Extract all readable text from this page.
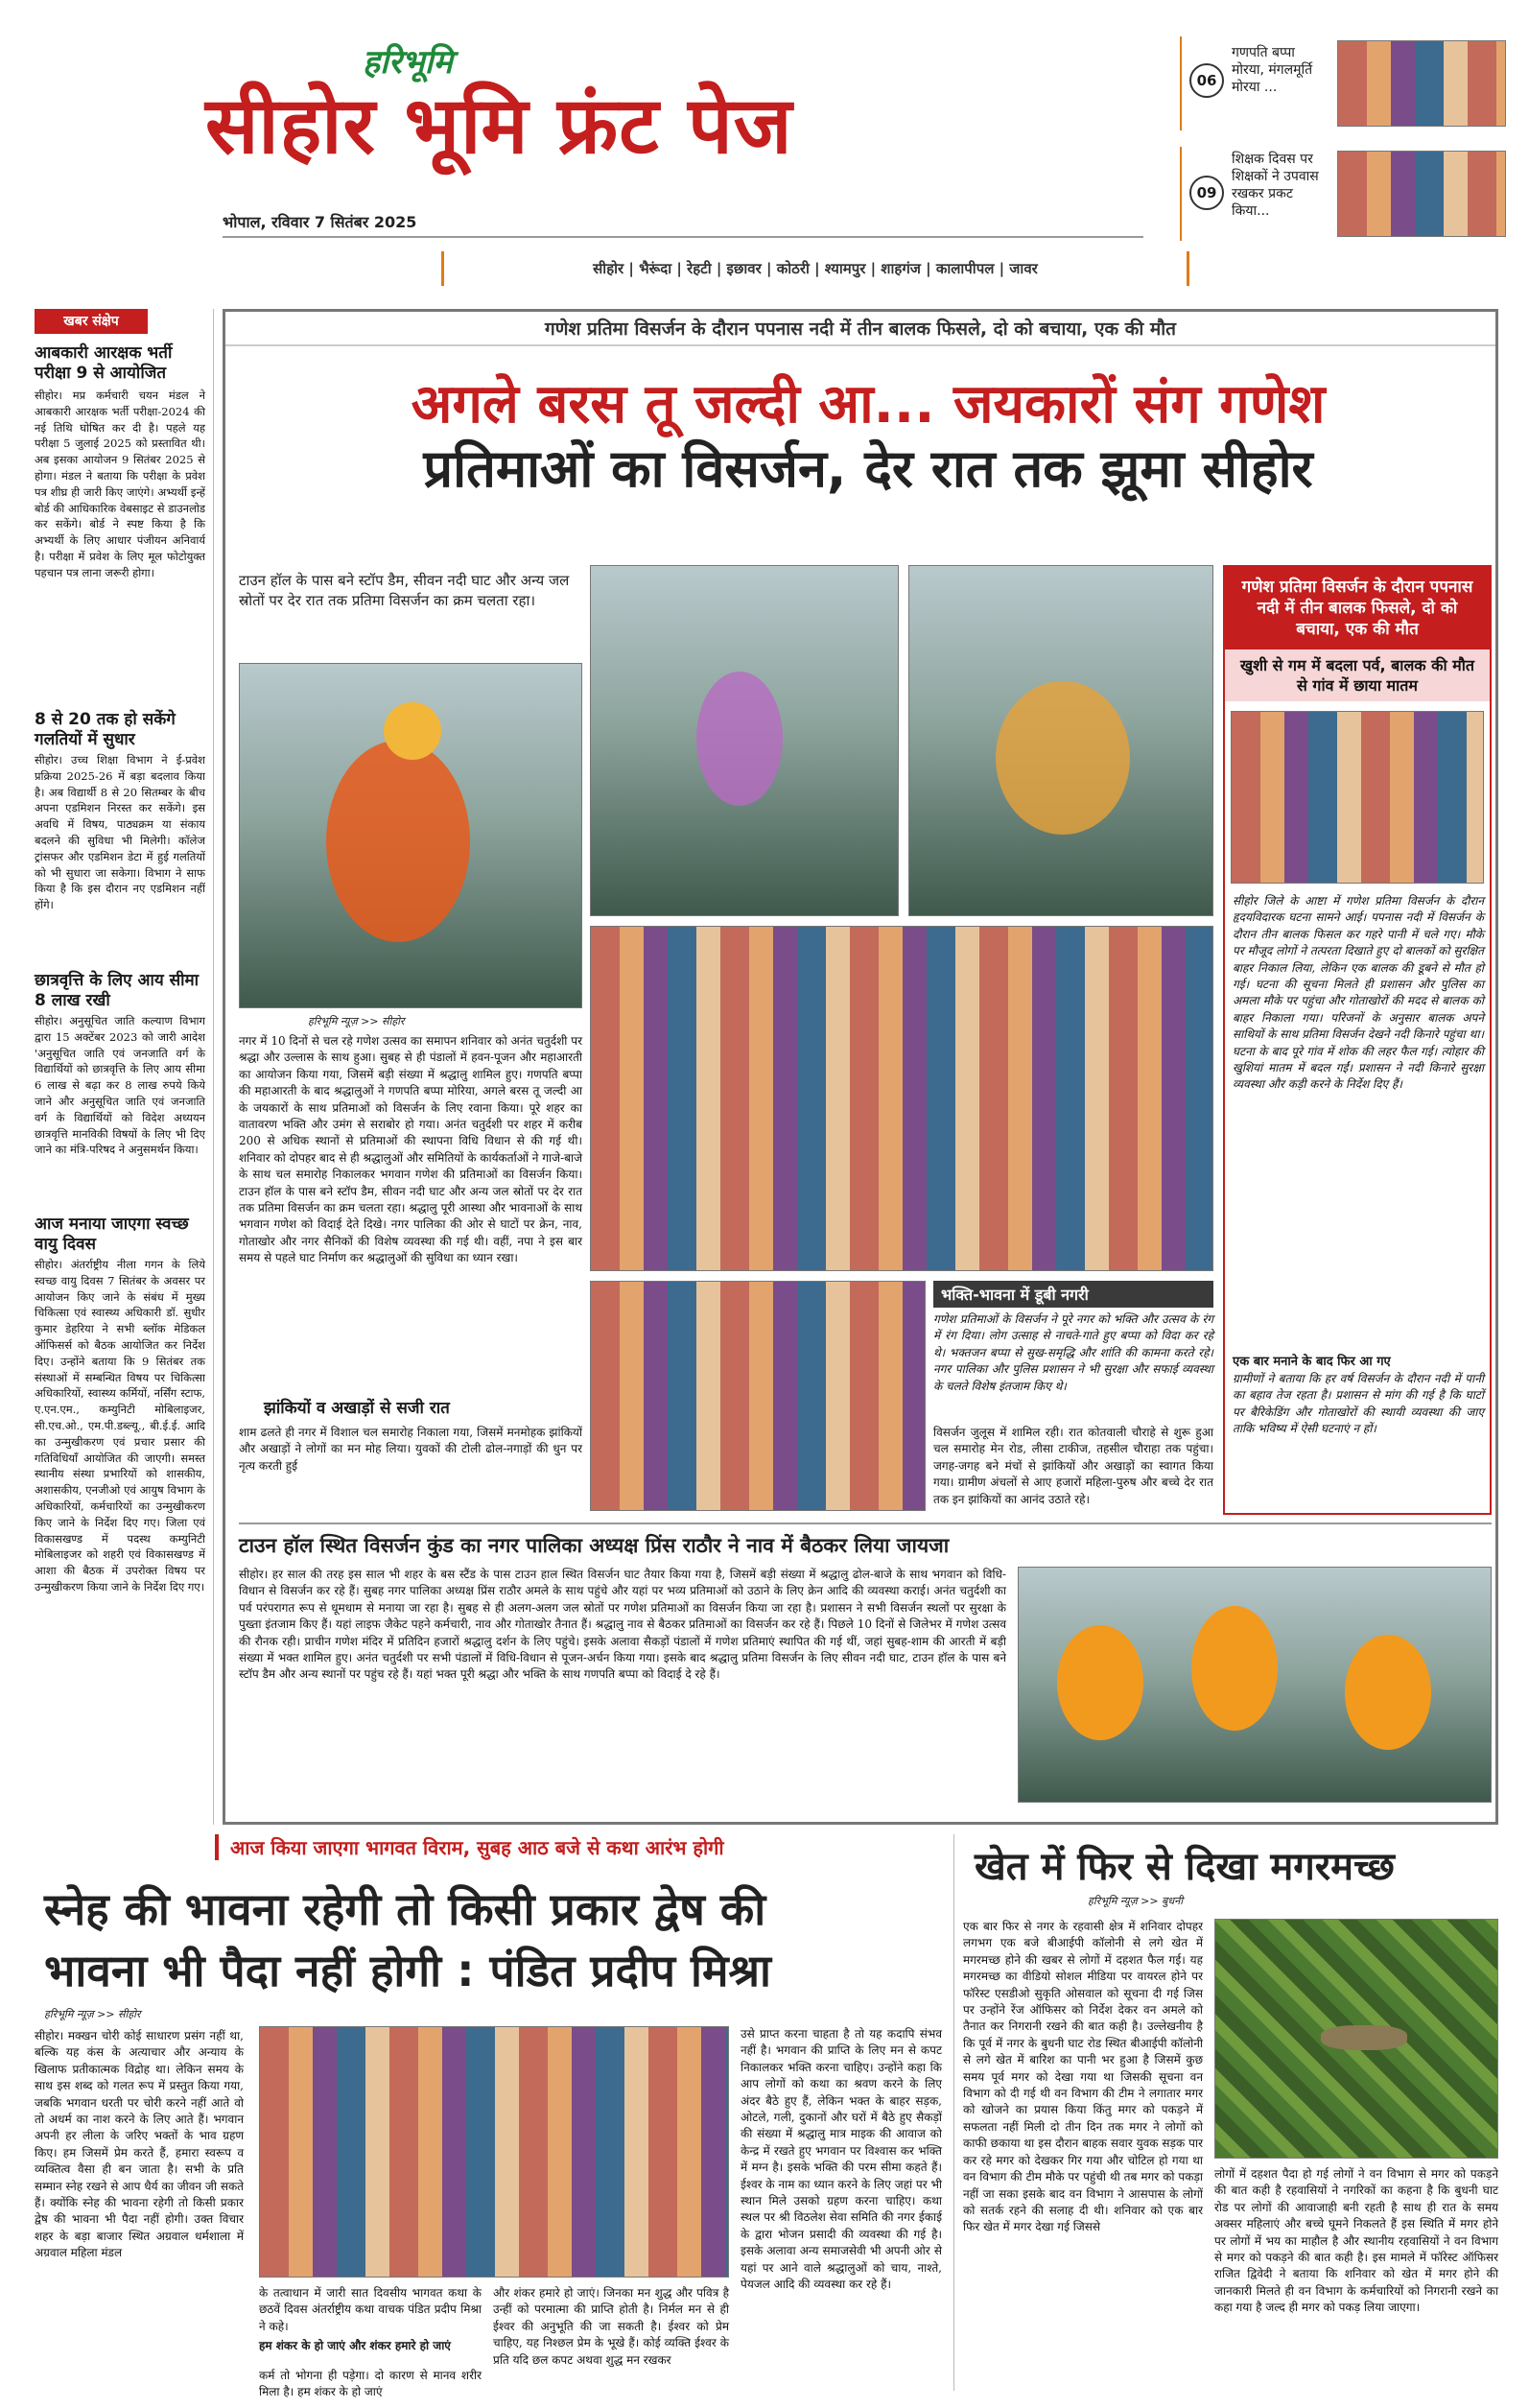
हरिभूमि
सीहोर भूमि फ्रंट पेज
भोपाल, रविवार 7 सितंबर 2025
सीहोर | भैरूंदा | रेहटी | इछावर | कोठरी | श्यामपुर | शाहगंज | कालापीपल | जावर
06
गणपति बप्पा मोरया, मंगलमूर्ति मोरया ...
09
शिक्षक दिवस पर शिक्षकों ने उपवास रखकर प्रकट किया...
खबर संक्षेप
आबकारी आरक्षक भर्ती परीक्षा 9 से आयोजित
सीहोर। मप्र कर्मचारी चयन मंडल ने आबकारी आरक्षक भर्ती परीक्षा-2024 की नई तिथि घोषित कर दी है। पहले यह परीक्षा 5 जुलाई 2025 को प्रस्तावित थी। अब इसका आयोजन 9 सितंबर 2025 से होगा। मंडल ने बताया कि परीक्षा के प्रवेश पत्र शीघ्र ही जारी किए जाएंगे। अभ्यर्थी इन्हें बोर्ड की आधिकारिक वेबसाइट से डाउनलोड कर सकेंगे। बोर्ड ने स्पष्ट किया है कि अभ्यर्थी के लिए आधार पंजीयन अनिवार्य है। परीक्षा में प्रवेश के लिए मूल फोटोयुक्त पहचान पत्र लाना जरूरी होगा।
8 से 20 तक हो सकेंगे गलतियों में सुधार
सीहोर। उच्च शिक्षा विभाग ने ई-प्रवेश प्रक्रिया 2025-26 में बड़ा बदलाव किया है। अब विद्यार्थी 8 से 20 सितम्बर के बीच अपना एडमिशन निरस्त कर सकेंगे। इस अवधि में विषय, पाठ्यक्रम या संकाय बदलने की सुविधा भी मिलेगी। कॉलेज ट्रांसफर और एडमिशन डेटा में हुई गलतियों को भी सुधारा जा सकेगा। विभाग ने साफ किया है कि इस दौरान नए एडमिशन नहीं होंगे।
छात्रवृत्ति के लिए आय सीमा 8 लाख रखी
सीहोर। अनुसूचित जाति कल्याण विभाग द्वारा 15 अक्टेंबर 2023 को जारी आदेश 'अनुसूचित जाति एवं जनजाति वर्ग के विद्यार्थियों को छात्रवृत्ति के लिए आय सीमा 6 लाख से बढ़ा कर 8 लाख रुपये किये जाने और अनुसूचित जाति एवं जनजाति वर्ग के विद्यार्थियों को विदेश अध्ययन छात्रवृत्ति मानविकी विषयों के लिए भी दिए जाने का मंत्रि-परिषद ने अनुसमर्थन किया।
आज मनाया जाएगा स्वच्छ वायु दिवस
सीहोर। अंतर्राष्ट्रीय नीला गगन के लिये स्वच्छ वायु दिवस 7 सितंबर के अवसर पर आयोजन किए जाने के संबंध में मुख्य चिकित्सा एवं स्वास्थ्य अधिकारी डॉ. सुधीर कुमार डेहरिया ने सभी ब्लॉक मेडिकल ऑफिसर्स को बैठक आयोजित कर निर्देश दिए। उन्होंने बताया कि 9 सितंबर तक संस्थाओं में सम्बन्धित विषय पर चिकित्सा अधिकारियों, स्वास्थ्य कर्मियों, नर्सिंग स्टाफ, ए.एन.एम., कम्युनिटी मोबिलाइजर, सी.एच.ओ., एम.पी.डब्ल्यू., बी.ई.ई. आदि का उन्मुखीकरण एवं प्रचार प्रसार की गतिविधियाँ आयोजित की जाएगी। समस्त स्थानीय संस्था प्रभारियों को शासकीय, अशासकीय, एनजीओ एवं आयुष विभाग के अधिकारियों, कर्मचारियों का उन्मुखीकरण किए जाने के निर्देश दिए गए। जिला एवं विकासखण्ड में पदस्थ कम्युनिटी मोबिलाइजर को शहरी एवं विकासखण्ड में आशा की बैठक में उपरोक्त विषय पर उन्मुखीकरण किया जाने के निर्देश दिए गए।
गणेश प्रतिमा विसर्जन के दौरान पपनास नदी में तीन बालक फिसले, दो को बचाया, एक की मौत
अगले बरस तू जल्दी आ... जयकारों संग गणेश
प्रतिमाओं का विसर्जन, देर रात तक झूमा सीहोर
टाउन हॉल के पास बने स्टॉप डैम, सीवन नदी घाट और अन्य जल स्रोतों पर देर रात तक प्रतिमा विसर्जन का क्रम चलता रहा।
हरिभूमि न्यूज़ >> सीहोर
नगर में 10 दिनों से चल रहे गणेश उत्सव का समापन शनिवार को अनंत चतुर्दशी पर श्रद्धा और उल्लास के साथ हुआ। सुबह से ही पंडालों में हवन-पूजन और महाआरती का आयोजन किया गया, जिसमें बड़ी संख्या में श्रद्धालु शामिल हुए। गणपति बप्पा की महाआरती के बाद श्रद्धालुओं ने गणपति बप्पा मोरिया, अगले बरस तू जल्दी आ के जयकारों के साथ प्रतिमाओं को विसर्जन के लिए रवाना किया। पूरे शहर का वातावरण भक्ति और उमंग से सराबोर हो गया। अनंत चतुर्दशी पर शहर में करीब 200 से अधिक स्थानों से प्रतिमाओं की स्थापना विधि विधान से की गई थी। शनिवार को दोपहर बाद से ही श्रद्धालुओं और समितियों के कार्यकर्ताओं ने गाजे-बाजे के साथ चल समारोह निकालकर भगवान गणेश की प्रतिमाओं का विसर्जन किया। टाउन हॉल के पास बने स्टॉप डैम, सीवन नदी घाट और अन्य जल स्रोतों पर देर रात तक प्रतिमा विसर्जन का क्रम चलता रहा। श्रद्धालु पूरी आस्था और भावनाओं के साथ भगवान गणेश को विदाई देते दिखे। नगर पालिका की ओर से घाटों पर क्रेन, नाव, गोताखोर और नगर सैनिकों की विशेष व्यवस्था की गई थी। वहीं, नपा ने इस बार समय से पहले घाट निर्माण कर श्रद्धालुओं की सुविधा का ध्यान रखा।
झांकियों व अखाड़ों से सजी रात
शाम ढलते ही नगर में विशाल चल समारोह निकाला गया, जिसमें मनमोहक झांकियों और अखाड़ों ने लोगों का मन मोह लिया। युवकों की टोली ढोल-नगाड़ों की धुन पर नृत्य करती हुई
भक्ति-भावना में डूबी नगरी
गणेश प्रतिमाओं के विसर्जन ने पूरे नगर को भक्ति और उत्सव के रंग में रंग दिया। लोग उत्साह से नाचते-गाते हुए बप्पा को विदा कर रहे थे। भक्तजन बप्पा से सुख-समृद्धि और शांति की कामना करते रहे। नगर पालिका और पुलिस प्रशासन ने भी सुरक्षा और सफाई व्यवस्था के चलते विशेष इंतजाम किए थे।
विसर्जन जुलूस में शामिल रही। रात कोतवाली चौराहे से शुरू हुआ चल समारोह मेन रोड, लीसा टाकीज, तहसील चौराहा तक पहुंचा। जगह-जगह बने मंचों से झांकियों और अखाड़ों का स्वागत किया गया। ग्रामीण अंचलों से आए हजारों महिला-पुरुष और बच्चे देर रात तक इन झांकियों का आनंद उठाते रहे।
गणेश प्रतिमा विसर्जन के दौरान पपनास नदी में तीन बालक फिसले, दो को बचाया, एक की मौत
खुशी से गम में बदला पर्व, बालक की मौत से गांव में छाया मातम
सीहोर जिले के आष्टा में गणेश प्रतिमा विसर्जन के दौरान हृदयविदारक घटना सामने आई। पपनास नदी में विसर्जन के दौरान तीन बालक फिसल कर गहरे पानी में चले गए। मौके पर मौजूद लोगों ने तत्परता दिखाते हुए दो बालकों को सुरक्षित बाहर निकाल लिया, लेकिन एक बालक की डूबने से मौत हो गई। घटना की सूचना मिलते ही प्रशासन और पुलिस का अमला मौके पर पहुंचा और गोताखोरों की मदद से बालक को बाहर निकाला गया। परिजनों के अनुसार बालक अपने साथियों के साथ प्रतिमा विसर्जन देखने नदी किनारे पहुंचा था। घटना के बाद पूरे गांव में शोक की लहर फैल गई। त्योहार की खुशियां मातम में बदल गईं। प्रशासन ने नदी किनारे सुरक्षा व्यवस्था और कड़ी करने के निर्देश दिए हैं।
एक बार मनाने के बाद फिर आ गए
ग्रामीणों ने बताया कि हर वर्ष विसर्जन के दौरान नदी में पानी का बहाव तेज रहता है। प्रशासन से मांग की गई है कि घाटों पर बैरिकेडिंग और गोताखोरों की स्थायी व्यवस्था की जाए ताकि भविष्य में ऐसी घटनाएं न हों।
टाउन हॉल स्थित विसर्जन कुंड का नगर पालिका अध्यक्ष प्रिंस राठौर ने नाव में बैठकर लिया जायजा
सीहोर। हर साल की तरह इस साल भी शहर के बस स्टैंड के पास टाउन हाल स्थित विसर्जन घाट तैयार किया गया है, जिसमें बड़ी संख्या में श्रद्धालु ढोल-बाजे के साथ भगवान को विधि-विधान से विसर्जन कर रहे हैं। सुबह नगर पालिका अध्यक्ष प्रिंस राठौर अमले के साथ पहुंचे और यहां पर भव्य प्रतिमाओं को उठाने के लिए क्रेन आदि की व्यवस्था कराई। अनंत चतुर्दशी का पर्व परंपरागत रूप से धूमधाम से मनाया जा रहा है। सुबह से ही अलग-अलग जल स्रोतों पर गणेश प्रतिमाओं का विसर्जन किया जा रहा है। प्रशासन ने सभी विसर्जन स्थलों पर सुरक्षा के पुख्ता इंतजाम किए हैं। यहां लाइफ जैकेट पहने कर्मचारी, नाव और गोताखोर तैनात हैं। श्रद्धालु नाव से बैठकर प्रतिमाओं का विसर्जन कर रहे हैं। पिछले 10 दिनों से जिलेभर में गणेश उत्सव की रौनक रही। प्राचीन गणेश मंदिर में प्रतिदिन हजारों श्रद्धालु दर्शन के लिए पहुंचे। इसके अलावा सैकड़ों पंडालों में गणेश प्रतिमाएं स्थापित की गई थीं, जहां सुबह-शाम की आरती में बड़ी संख्या में भक्त शामिल हुए। अनंत चतुर्दशी पर सभी पंडालों में विधि-विधान से पूजन-अर्चन किया गया। इसके बाद श्रद्धालु प्रतिमा विसर्जन के लिए सीवन नदी घाट, टाउन हॉल के पास बने स्टॉप डैम और अन्य स्थानों पर पहुंच रहे हैं। यहां भक्त पूरी श्रद्धा और भक्ति के साथ गणपति बप्पा को विदाई दे रहे हैं।
आज किया जाएगा भागवत विराम, सुबह आठ बजे से कथा आरंभ होगी
स्नेह की भावना रहेगी तो किसी प्रकार द्वेष की
भावना भी पैदा नहीं होगी : पंडित प्रदीप मिश्रा
हरिभूमि न्यूज़ >> सीहोर
सीहोर। मक्खन चोरी कोई साधारण प्रसंग नहीं था, बल्कि यह कंस के अत्याचार और अन्याय के खिलाफ प्रतीकात्मक विद्रोह था। लेकिन समय के साथ इस शब्द को गलत रूप में प्रस्तुत किया गया, जबकि भगवान धरती पर चोरी करने नहीं आते वो तो अधर्म का नाश करने के लिए आते हैं। भगवान अपनी हर लीला के जरिए भक्तों के भाव ग्रहण किए। हम जिसमें प्रेम करते हैं, हमारा स्वरूप व व्यक्तित्व वैसा ही बन जाता है। सभी के प्रति सम्मान स्नेह रखने से आप धैर्य का जीवन जी सकते हैं। क्योंकि स्नेह की भावना रहेगी तो किसी प्रकार द्वेष की भावना भी पैदा नहीं होगी। उक्त विचार शहर के बड़ा बाजार स्थित अग्रवाल धर्मशाला में अग्रवाल महिला मंडल
के तत्वाधान में जारी सात दिवसीय भागवत कथा के छठवें दिवस अंतर्राष्ट्रीय कथा वाचक पंडित प्रदीप मिश्रा ने कहे।
हम शंकर के हो जाएं और शंकर हमारे हो जाएं
कर्म तो भोगना ही पड़ेगा। दो कारण से मानव शरीर मिला है। हम शंकर के हो जाएं
और शंकर हमारे हो जाएं। जिनका मन शुद्ध और पवित्र है उन्हीं को परमात्मा की प्राप्ति होती है। निर्मल मन से ही ईश्वर की अनुभूति की जा सकती है। ईश्वर को प्रेम चाहिए, यह निश्छल प्रेम के भूखे हैं। कोई व्यक्ति ईश्वर के प्रति यदि छल कपट अथवा शुद्ध मन रखकर
उसे प्राप्त करना चाहता है तो यह कदापि संभव नहीं है। भगवान की प्राप्ति के लिए मन से कपट निकालकर भक्ति करना चाहिए। उन्होंने कहा कि आप लोगों को कथा का श्रवण करने के लिए अंदर बैठे हुए हैं, लेकिन भक्त के बाहर सड़क, ओटले, गली, दुकानों और घरों में बैठे हुए सैकड़ों की संख्या में श्रद्धालु मात्र माइक की आवाज को केन्द्र में रखते हुए भगवान पर विश्वास कर भक्ति में मग्न है। इसके भक्ति की परम सीमा कहते हैं। ईश्वर के नाम का ध्यान करने के लिए जहां पर भी स्थान मिले उसको ग्रहण करना चाहिए। कथा स्थल पर श्री विठलेश सेवा समिति की नगर ईकाई के द्वारा भोजन प्रसादी की व्यवस्था की गई है। इसके अलावा अन्य समाजसेवी भी अपनी ओर से यहां पर आने वाले श्रद्धालुओं को चाय, नाश्ते, पेयजल आदि की व्यवस्था कर रहे हैं।
खेत में फिर से दिखा मगरमच्छ
हरिभूमि न्यूज़ >> बुधनी
एक बार फिर से नगर के रहवासी क्षेत्र में शनिवार दोपहर लगभग एक बजे बीआईपी कॉलोनी से लगे खेत में मगरमच्छ होने की खबर से लोगों में दहशत फैल गई। यह मगरमच्छ का वीडियो सोशल मीडिया पर वायरल होने पर फॉरेस्ट एसडीओ सुकृति ओसवाल को सूचना दी गई जिस पर उन्होंने रेंज ऑफिसर को निर्देश देकर वन अमले को तैनात कर निगरानी रखने की बात कही है। उल्लेखनीय है कि पूर्व में नगर के बुधनी घाट रोड स्थित बीआईपी कॉलोनी से लगे खेत में बारिश का पानी भर हुआ है जिसमें कुछ समय पूर्व मगर को देखा गया था जिसकी सूचना वन विभाग को दी गई थी वन विभाग की टीम ने लगातार मगर को खोजने का प्रयास किया किंतु मगर को पकड़ने में सफलता नहीं मिली दो तीन दिन तक मगर ने लोगों को काफी छकाया था इस दौरान बाहक सवार युवक सड़क पार कर रहे मगर को देखकर गिर गया और चोटिल हो गया था वन विभाग की टीम मौके पर पहुंची थी तब मगर को पकड़ा नहीं जा सका इसके बाद वन विभाग ने आसपास के लोगों को सतर्क रहने की सलाह दी थी। शनिवार को एक बार फिर खेत में मगर देखा गई जिससे
लोगों में दहशत पैदा हो गई लोगों ने वन विभाग से मगर को पकड़ने की बात कही है रहवासियों ने नगरिकों का कहना है कि बुधनी घाट रोड पर लोगों की आवाजाही बनी रहती है साथ ही रात के समय अक्सर महिलाएं और बच्चे घूमने निकलते हैं इस स्थिति में मगर होने पर लोगों में भय का माहौल है और स्थानीय रहवासियों ने वन विभाग से मगर को पकड़ने की बात कही है। इस मामले में फॉरेस्ट ऑफिसर राजित द्विवेदी ने बताया कि शनिवार को खेत में मगर होने की जानकारी मिलते ही वन विभाग के कर्मचारियों को निगरानी रखने का कहा गया है जल्द ही मगर को पकड़ लिया जाएगा।
